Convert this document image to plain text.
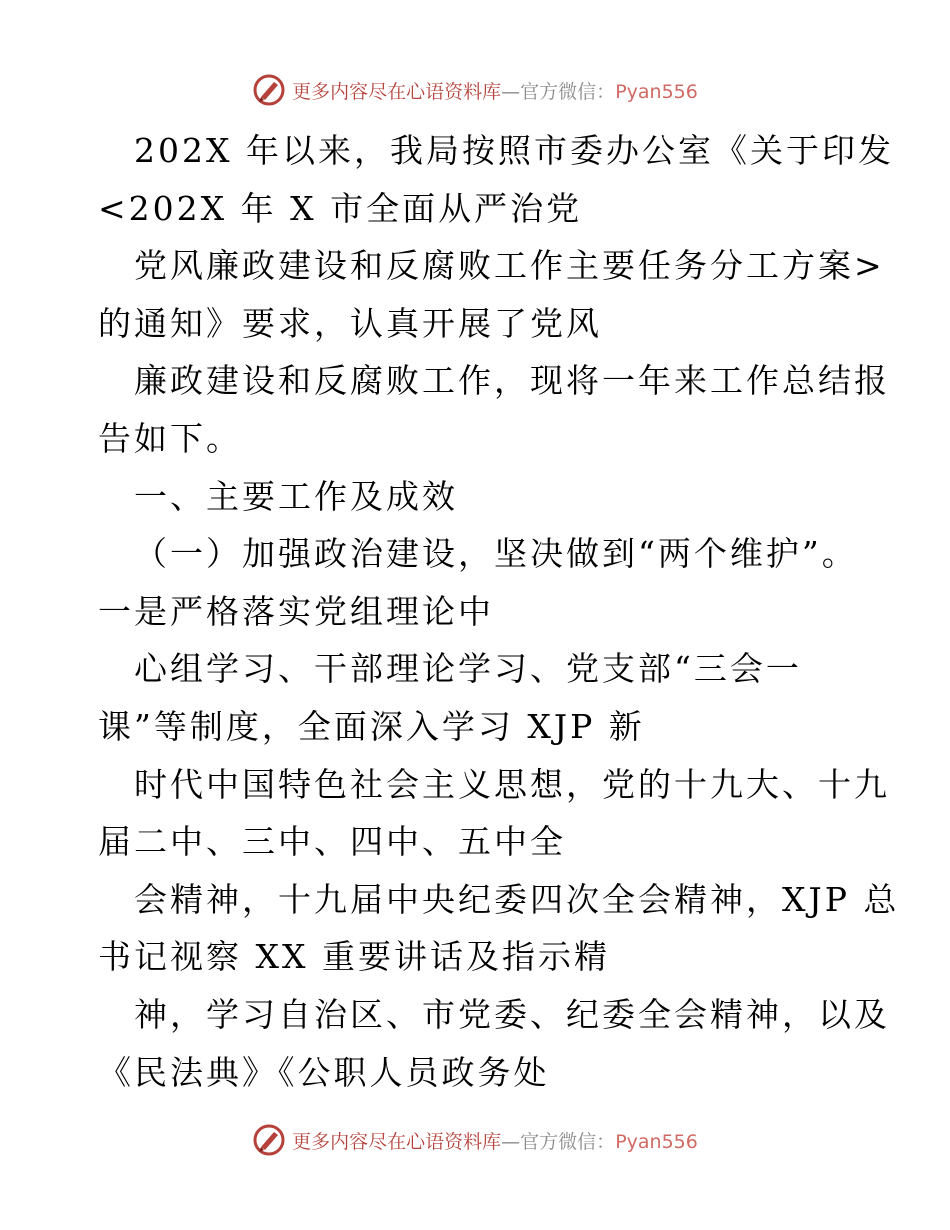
更多内容尽在心语资料库—官方微信：Pyan556
202X 年以来，我局按照市委办公室《关于印发
<202X 年 X 市全面从严治党
党风廉政建设和反腐败工作主要任务分工方案>
的通知》要求，认真开展了党风
廉政建设和反腐败工作，现将一年来工作总结报
告如下。
一、主要工作及成效
（一）加强政治建设，坚决做到“两个维护”。
一是严格落实党组理论中
心组学习、干部理论学习、党支部“三会一
课”等制度，全面深入学习 XJP 新
时代中国特色社会主义思想，党的十九大、十九
届二中、三中、四中、五中全
会精神，十九届中央纪委四次全会精神，XJP 总
书记视察 XX 重要讲话及指示精
神，学习自治区、市党委、纪委全会精神，以及
《民法典》《公职人员政务处
更多内容尽在心语资料库—官方微信：Pyan556
